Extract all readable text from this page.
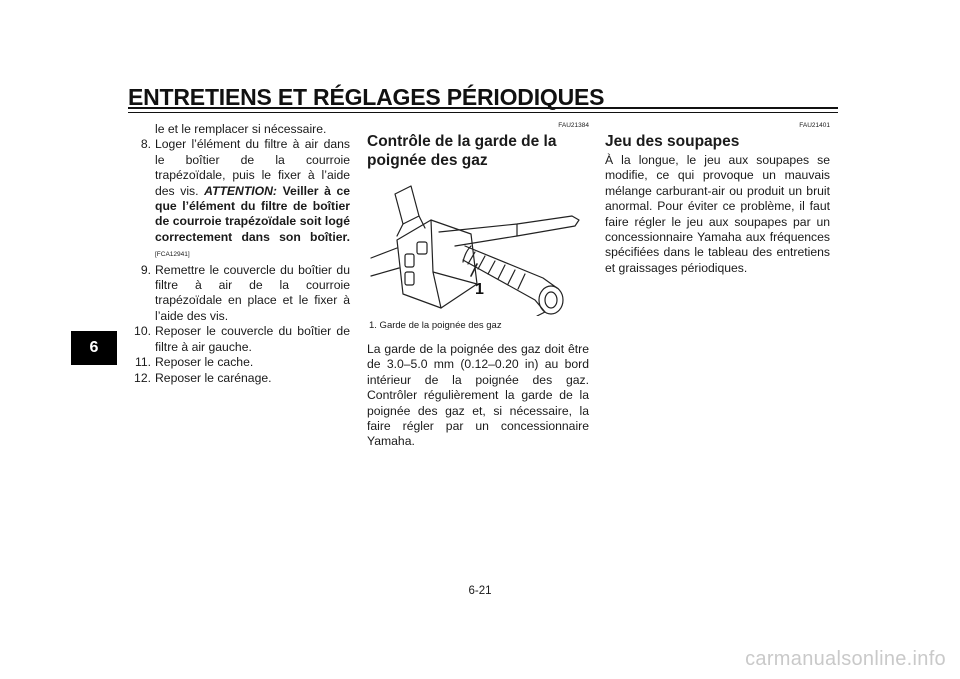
ENTRETIENS ET RÉGLAGES PÉRIODIQUES
6
le et le remplacer si nécessaire.
8. Loger l’élément du filtre à air dans le boîtier de la courroie trapézoïdale, puis le fixer à l’aide des vis. ATTENTION: Veiller à ce que l’élément du filtre de boîtier de courroie trapézoïdale soit logé correctement dans son boîtier.[FCA12941]
9. Remettre le couvercle du boîtier du filtre à air de la courroie trapézoïdale en place et le fixer à l’aide des vis.
10. Reposer le couvercle du boîtier de filtre à air gauche.
11. Reposer le cache.
12. Reposer le carénage.
FAU21384
Contrôle de la garde de la poignée des gaz
1
1. Garde de la poignée des gaz
La garde de la poignée des gaz doit être de 3.0–5.0 mm (0.12–0.20 in) au bord intérieur de la poignée des gaz. Contrôler régulièrement la garde de la poignée des gaz et, si nécessaire, la faire régler par un concessionnaire Yamaha.
FAU21401
Jeu des soupapes
À la longue, le jeu aux soupapes se modifie, ce qui provoque un mauvais mélange carburant-air ou produit un bruit anormal. Pour éviter ce problème, il faut faire régler le jeu aux soupapes par un concessionnaire Yamaha aux fréquences spécifiées dans le tableau des entretiens et graissages périodiques.
6-21
carmanualsonline.info
